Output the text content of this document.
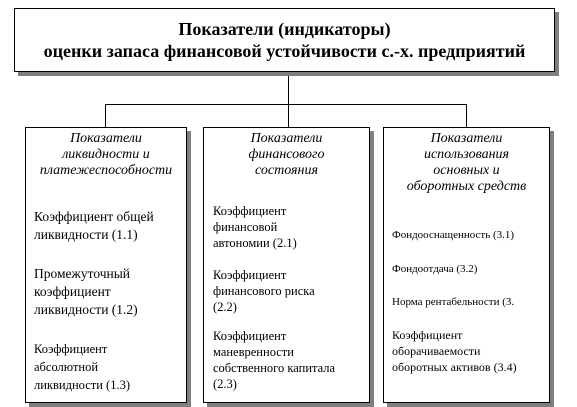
Показатели (индикаторы)
оценки запаса финансовой устойчивости с.-х. предприятий
Показатели
ликвидности и
платежеспособности
Коэффициент общей
ликвидности (1.1)
Промежуточный
коэффициент
ликвидности (1.2)
Коэффициент
абсолютной
ликвидности (1.3)
Показатели
финансового
состояния
Коэффициент
финансовой
автономии (2.1)
Коэффициент
финансового риска
(2.2)
Коэффициент
маневренности
собственного капитала
(2.3)
Показатели
использования
основных и
оборотных средств
Фондооснащенность (3.1)
Фондоотдача (3.2)
Норма рентабельности (3.
Коэффициент
оборачиваемости
оборотных активов (3.4)
